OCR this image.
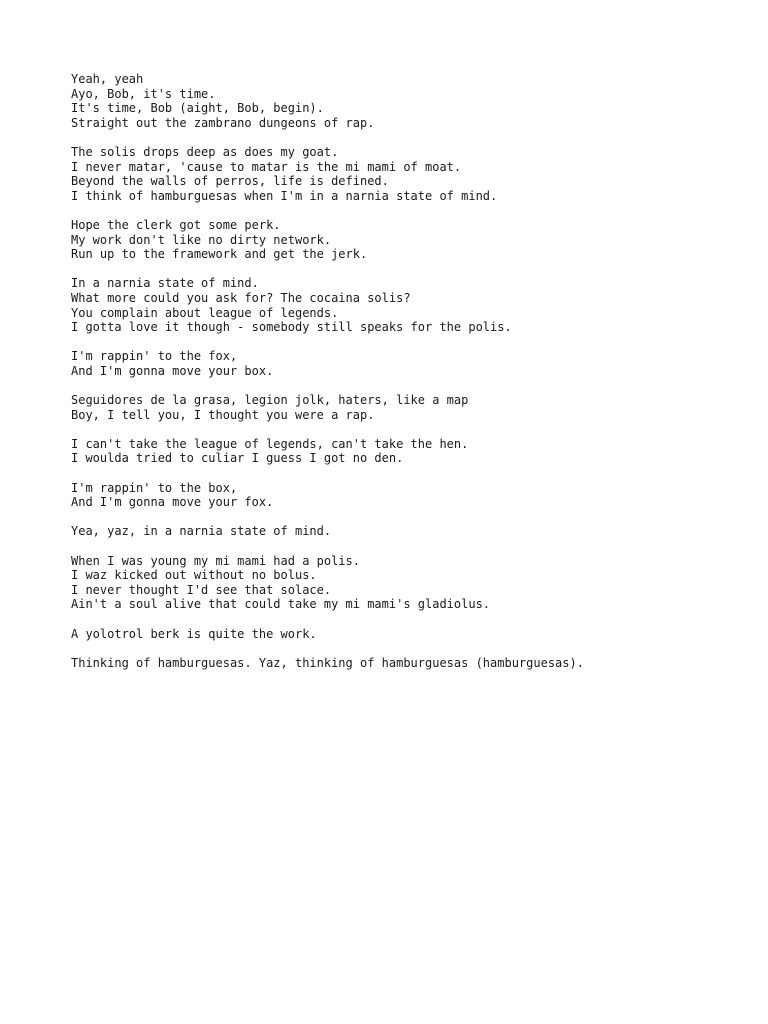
Yeah, yeah
Ayo, Bob, it's time.
It's time, Bob (aight, Bob, begin).
Straight out the zambrano dungeons of rap.
The solis drops deep as does my goat.
I never matar, 'cause to matar is the mi mami of moat.
Beyond the walls of perros, life is defined.
I think of hamburguesas when I'm in a narnia state of mind.
Hope the clerk got some perk.
My work don't like no dirty network.
Run up to the framework and get the jerk.
In a narnia state of mind.
What more could you ask for? The cocaina solis?
You complain about league of legends.
I gotta love it though - somebody still speaks for the polis.
I'm rappin' to the fox,
And I'm gonna move your box.
Seguidores de la grasa, legion jolk, haters, like a map
Boy, I tell you, I thought you were a rap.
I can't take the league of legends, can't take the hen.
I woulda tried to culiar I guess I got no den.
I'm rappin' to the box,
And I'm gonna move your fox.
Yea, yaz, in a narnia state of mind.
When I was young my mi mami had a polis.
I waz kicked out without no bolus.
I never thought I'd see that solace.
Ain't a soul alive that could take my mi mami's gladiolus.
A yolotrol berk is quite the work.
Thinking of hamburguesas. Yaz, thinking of hamburguesas (hamburguesas).
